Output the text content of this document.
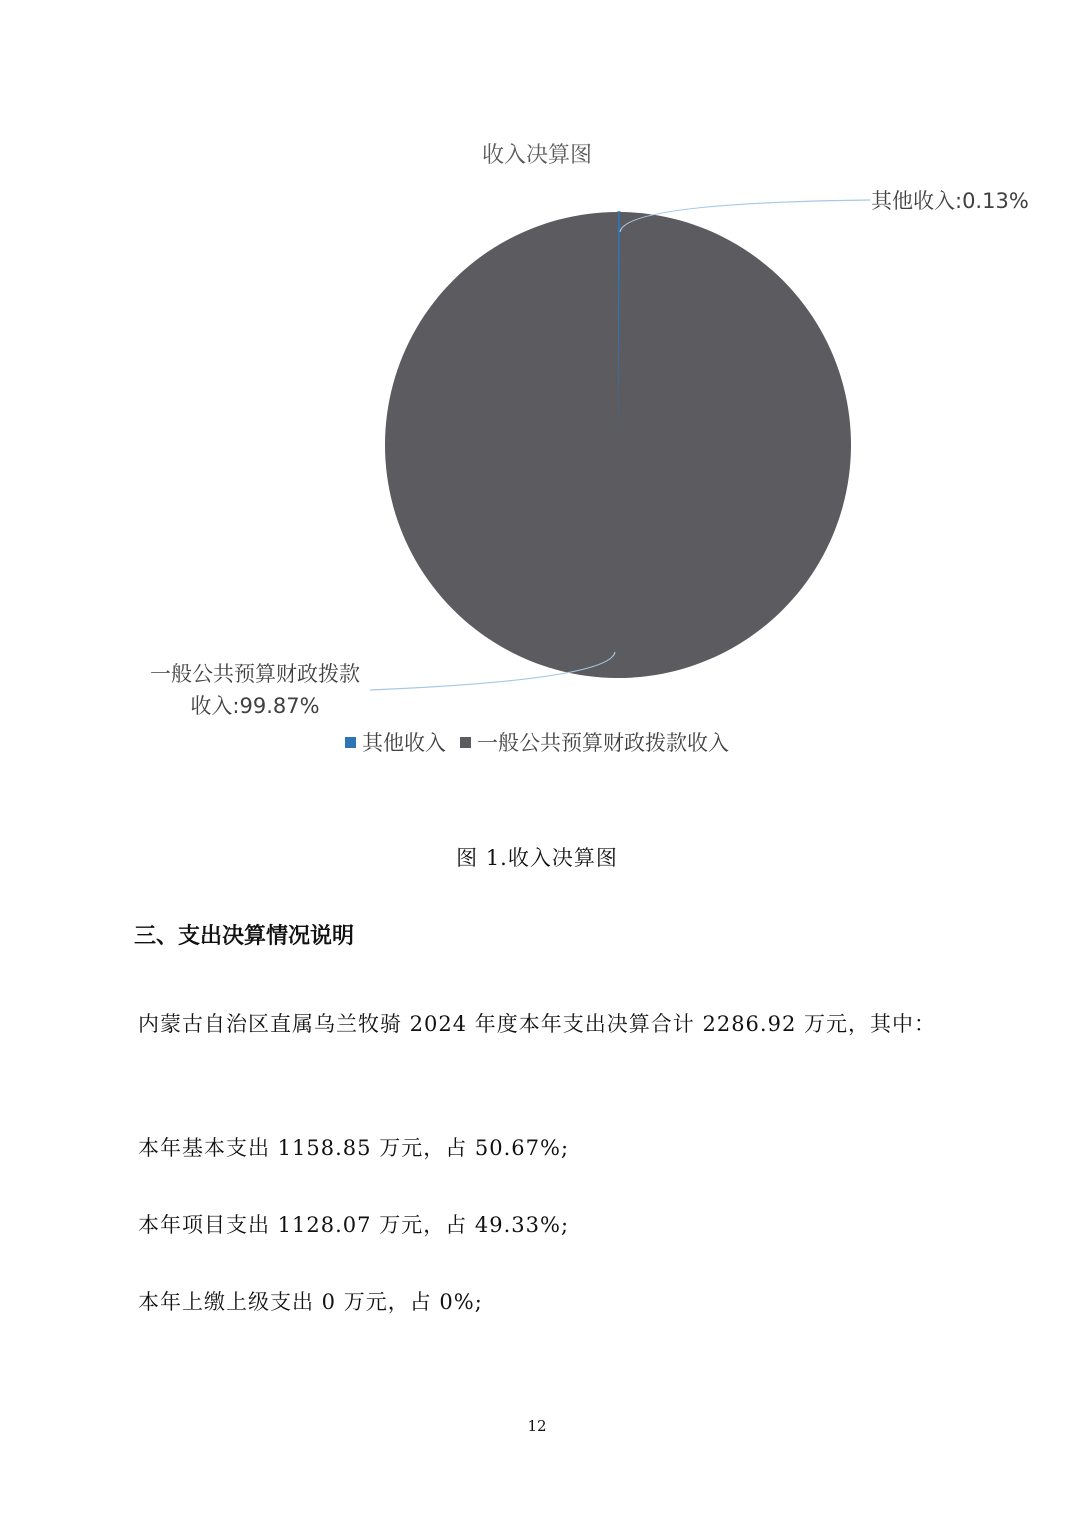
收入决算图
其他收入:0.13%
一般公共预算财政拨款收入:99.87%
其他收入 一般公共预算财政拨款收入
图 1.收入决算图
三、支出决算情况说明
内蒙古自治区直属乌兰牧骑 2024 年度本年支出决算合计 2286.92 万元，其中：
本年基本支出 1158.85 万元，占 50.67%;
本年项目支出 1128.07 万元，占 49.33%;
本年上缴上级支出 0 万元，占 0%;
12
